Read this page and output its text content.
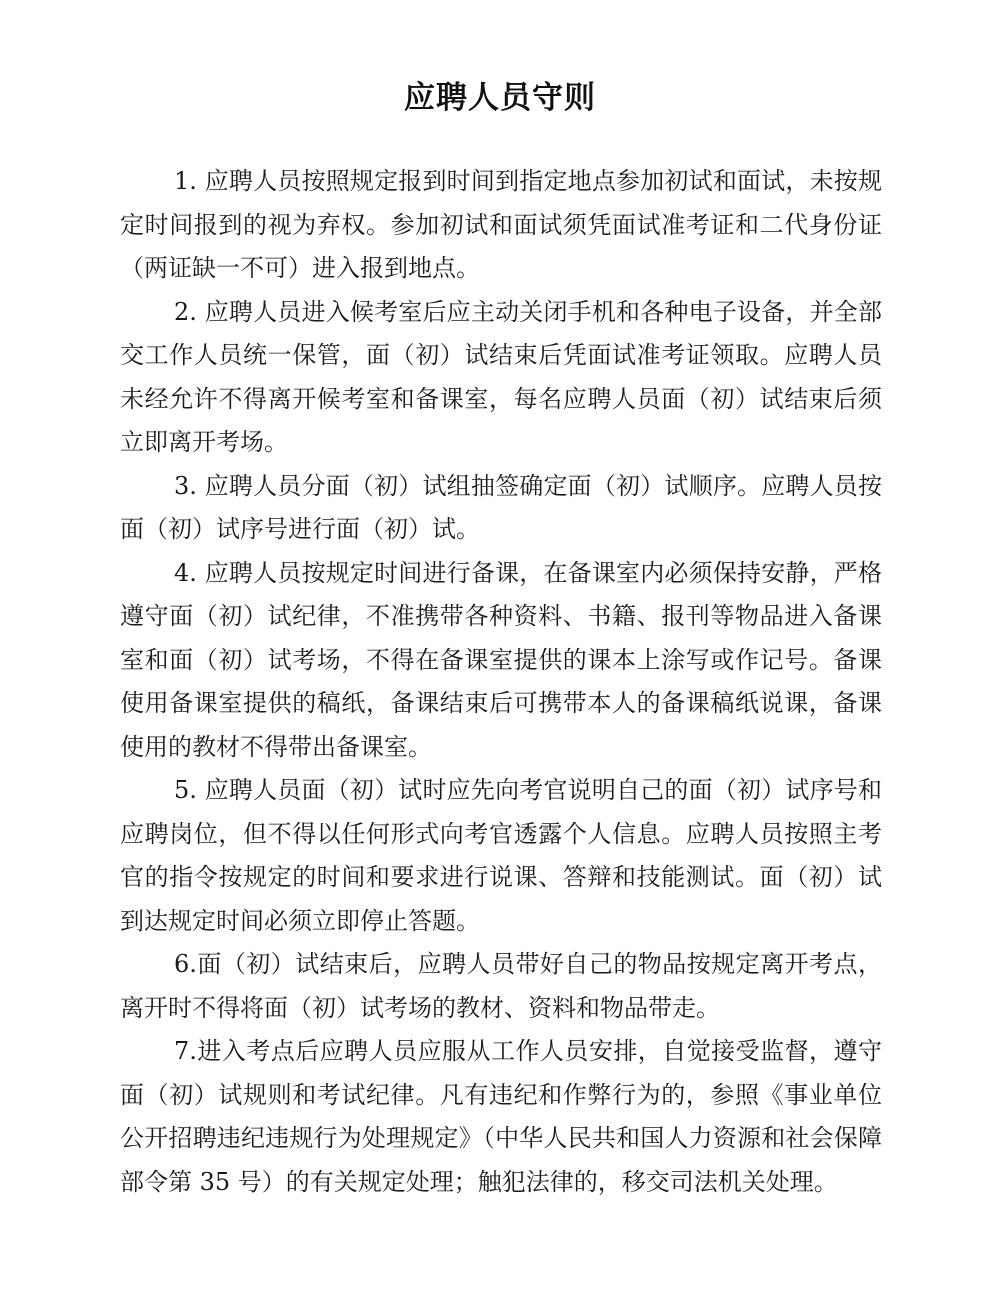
应聘人员守则

1. 应聘人员按照规定报到时间到指定地点参加初试和面试，未按规定时间报到的视为弃权。参加初试和面试须凭面试准考证和二代身份证（两证缺一不可）进入报到地点。

2. 应聘人员进入候考室后应主动关闭手机和各种电子设备，并全部交工作人员统一保管，面（初）试结束后凭面试准考证领取。应聘人员未经允许不得离开候考室和备课室，每名应聘人员面（初）试结束后须立即离开考场。

3. 应聘人员分面（初）试组抽签确定面（初）试顺序。应聘人员按面（初）试序号进行面（初）试。

4. 应聘人员按规定时间进行备课，在备课室内必须保持安静，严格遵守面（初）试纪律，不准携带各种资料、书籍、报刊等物品进入备课室和面（初）试考场，不得在备课室提供的课本上涂写或作记号。备课使用备课室提供的稿纸，备课结束后可携带本人的备课稿纸说课，备课使用的教材不得带出备课室。

5. 应聘人员面（初）试时应先向考官说明自己的面（初）试序号和应聘岗位，但不得以任何形式向考官透露个人信息。应聘人员按照主考官的指令按规定的时间和要求进行说课、答辩和技能测试。面（初）试到达规定时间必须立即停止答题。

6.面（初）试结束后，应聘人员带好自己的物品按规定离开考点，离开时不得将面（初）试考场的教材、资料和物品带走。

7.进入考点后应聘人员应服从工作人员安排，自觉接受监督，遵守面（初）试规则和考试纪律。凡有违纪和作弊行为的，参照《事业单位公开招聘违纪违规行为处理规定》（中华人民共和国人力资源和社会保障部令第 35 号）的有关规定处理；触犯法律的，移交司法机关处理。
